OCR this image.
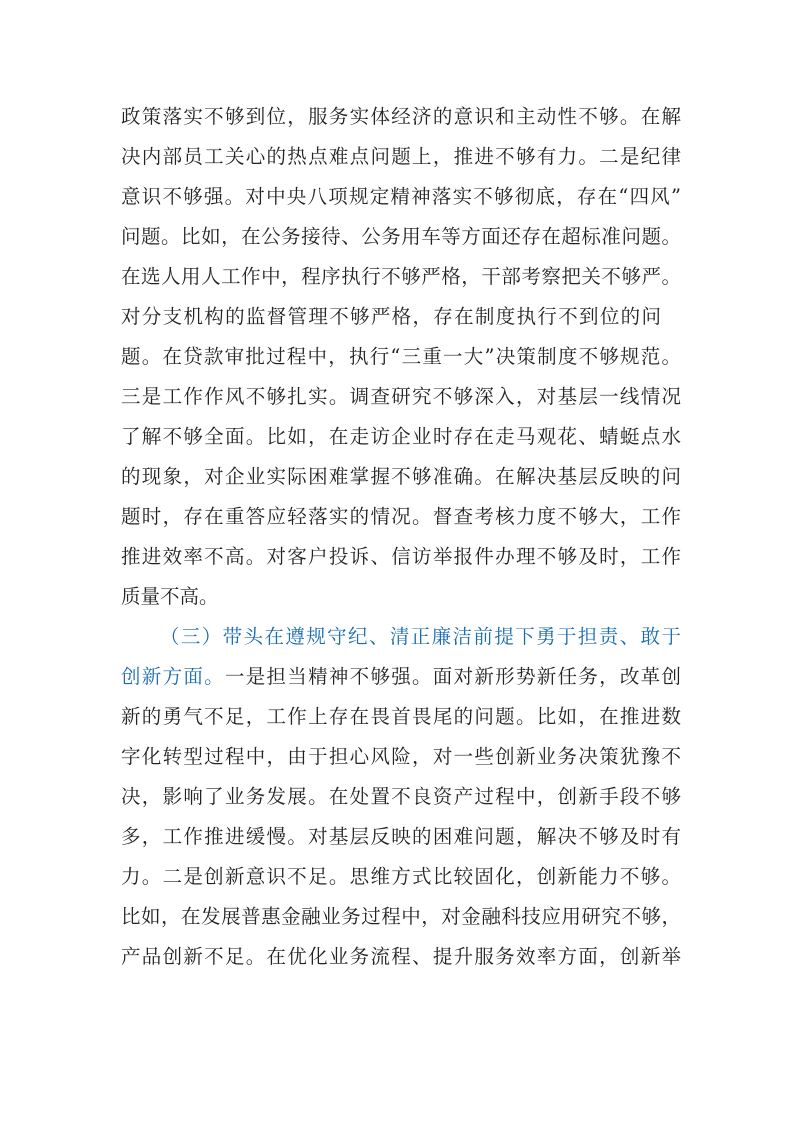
政策落实不够到位，服务实体经济的意识和主动性不够。在解
决内部员工关心的热点难点问题上，推进不够有力。二是纪律
意识不够强。对中央八项规定精神落实不够彻底，存在“四风”
问题。比如，在公务接待、公务用车等方面还存在超标准问题。
在选人用人工作中，程序执行不够严格，干部考察把关不够严。
对分支机构的监督管理不够严格，存在制度执行不到位的问
题。在贷款审批过程中，执行“三重一大”决策制度不够规范。
三是工作作风不够扎实。调查研究不够深入，对基层一线情况
了解不够全面。比如，在走访企业时存在走马观花、蜻蜓点水
的现象，对企业实际困难掌握不够准确。在解决基层反映的问
题时，存在重答应轻落实的情况。督查考核力度不够大，工作
推进效率不高。对客户投诉、信访举报件办理不够及时，工作
质量不高。
（三）带头在遵规守纪、清正廉洁前提下勇于担责、敢于
创新方面。一是担当精神不够强。面对新形势新任务，改革创
新的勇气不足，工作上存在畏首畏尾的问题。比如，在推进数
字化转型过程中，由于担心风险，对一些创新业务决策犹豫不
决，影响了业务发展。在处置不良资产过程中，创新手段不够
多，工作推进缓慢。对基层反映的困难问题，解决不够及时有
力。二是创新意识不足。思维方式比较固化，创新能力不够。
比如，在发展普惠金融业务过程中，对金融科技应用研究不够，
产品创新不足。在优化业务流程、提升服务效率方面，创新举
